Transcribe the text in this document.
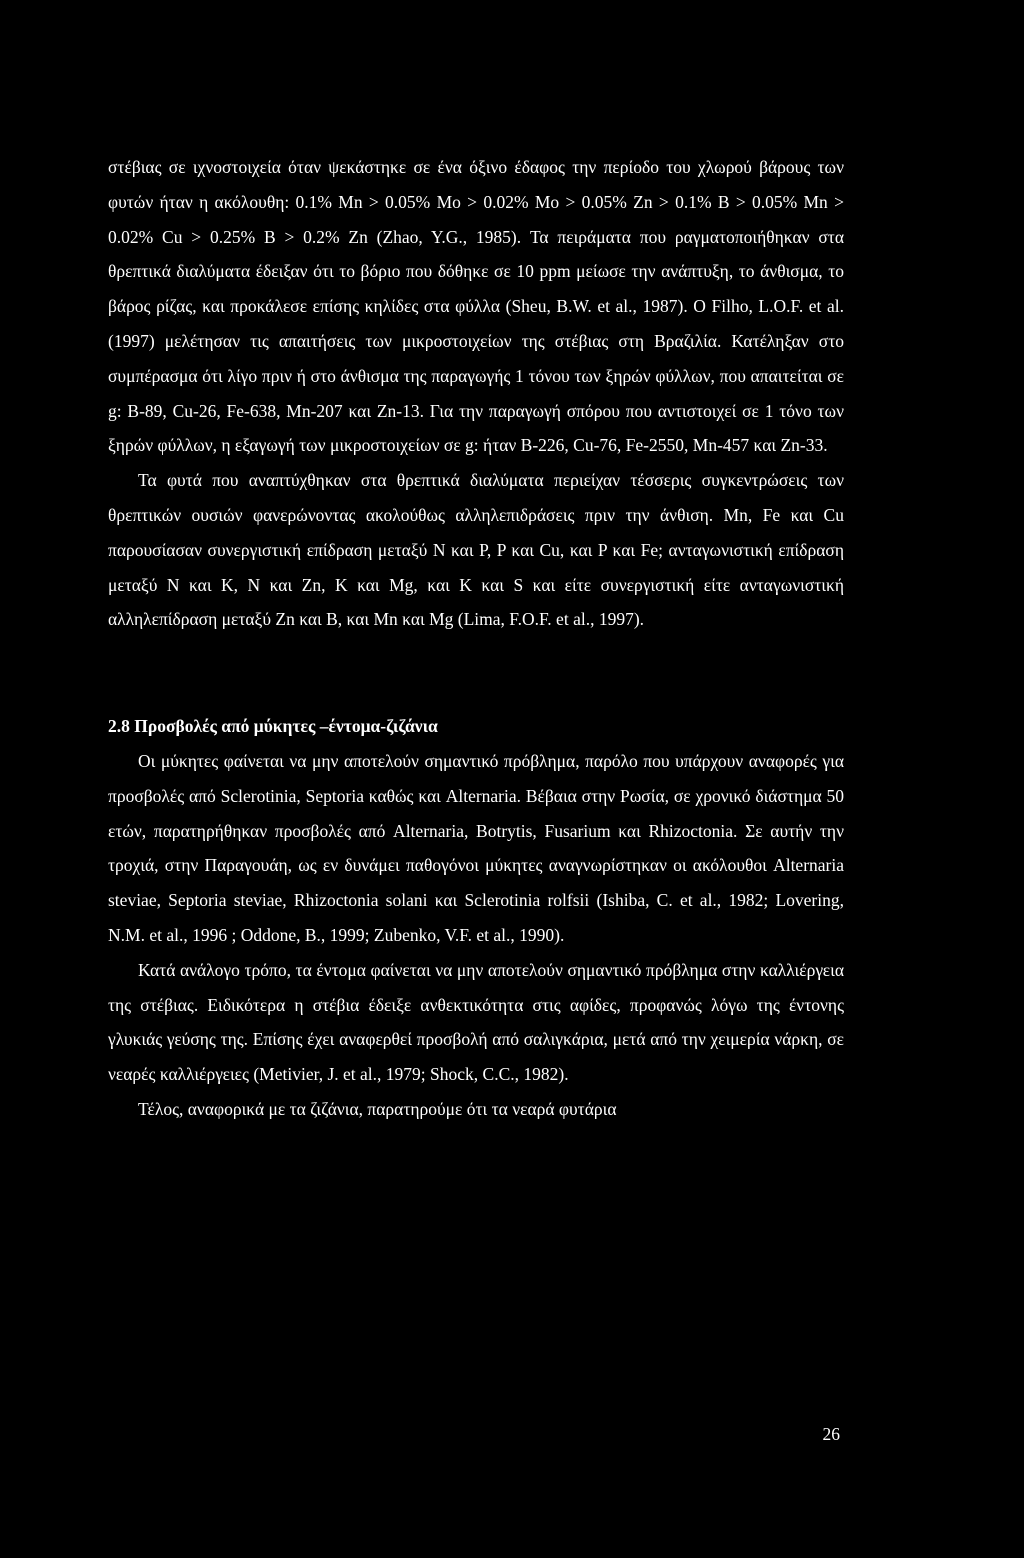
στέβιας σε ιχνοστοιχεία όταν ψεκάστηκε σε ένα όξινο έδαφος την περίοδο του χλωρού βάρους των φυτών ήταν η ακόλουθη: 0.1% Mn > 0.05% Mo > 0.02% Mo > 0.05% Zn > 0.1% B > 0.05% Mn > 0.02% Cu > 0.25% B > 0.2% Zn (Zhao, Y.G., 1985). Τα πειράματα που ραγματοποιήθηκαν στα θρεπτικά διαλύματα έδειξαν ότι το βόριο που δόθηκε σε 10 ppm μείωσε την ανάπτυξη, το άνθισμα, το βάρος ρίζας, και προκάλεσε επίσης κηλίδες στα φύλλα (Sheu, B.W. et al., 1987). Ο Filho, L.O.F. et al. (1997) μελέτησαν τις απαιτήσεις των μικροστοιχείων της στέβιας στη Βραζιλία. Κατέληξαν στο συμπέρασμα ότι λίγο πριν ή στο άνθισμα της παραγωγής 1 τόνου των ξηρών φύλλων, που απαιτείται σε g: B-89, Cu-26, Fe-638, Mn-207 και Zn-13. Για την παραγωγή σπόρου που αντιστοιχεί σε 1 τόνο των ξηρών φύλλων, η εξαγωγή των μικροστοιχείων σε g: ήταν B-226, Cu-76, Fe-2550, Mn-457 και Zn-33.

Τα φυτά που αναπτύχθηκαν στα θρεπτικά διαλύματα περιείχαν τέσσερις συγκεντρώσεις των θρεπτικών ουσιών φανερώνοντας ακολούθως αλληλεπιδράσεις πριν την άνθιση. Mn, Fe και Cu παρουσίασαν συνεργιστική επίδραση μεταξύ N και P, P και Cu, και P και Fe; ανταγωνιστική επίδραση μεταξύ N και K, N και Zn, K και Mg, και K και S και είτε συνεργιστική είτε ανταγωνιστική αλληλεπίδραση μεταξύ Zn και B, και Mn και Mg (Lima, F.O.F. et al., 1997).

2.8 Προσβολές από μύκητες –έντομα-ζιζάνια

Οι μύκητες φαίνεται να μην αποτελούν σημαντικό πρόβλημα, παρόλο που υπάρχουν αναφορές για προσβολές από Sclerotinia, Septoria καθώς και Alternaria. Βέβαια στην Ρωσία, σε χρονικό διάστημα 50 ετών, παρατηρήθηκαν προσβολές από Alternaria, Botrytis, Fusarium και Rhizoctonia. Σε αυτήν την τροχιά, στην Παραγουάη, ως εν δυνάμει παθογόνοι μύκητες αναγνωρίστηκαν οι ακόλουθοι Alternaria steviae, Septoria steviae, Rhizoctonia solani και Sclerotinia rolfsii (Ishiba, C. et al., 1982; Lovering, N.M. et al., 1996 ; Oddone, B., 1999; Zubenko, V.F. et al., 1990).

Κατά ανάλογο τρόπο, τα έντομα φαίνεται να μην αποτελούν σημαντικό πρόβλημα στην καλλιέργεια της στέβιας. Ειδικότερα η στέβια έδειξε ανθεκτικότητα στις αφίδες, προφανώς λόγω της έντονης γλυκιάς γεύσης της. Επίσης έχει αναφερθεί προσβολή από σαλιγκάρια, μετά από την χειμερία νάρκη, σε νεαρές καλλιέργειες (Metivier, J. et al., 1979; Shock, C.C., 1982).

Τέλος, αναφορικά με τα ζιζάνια, παρατηρούμε ότι τα νεαρά φυτάρια

26
